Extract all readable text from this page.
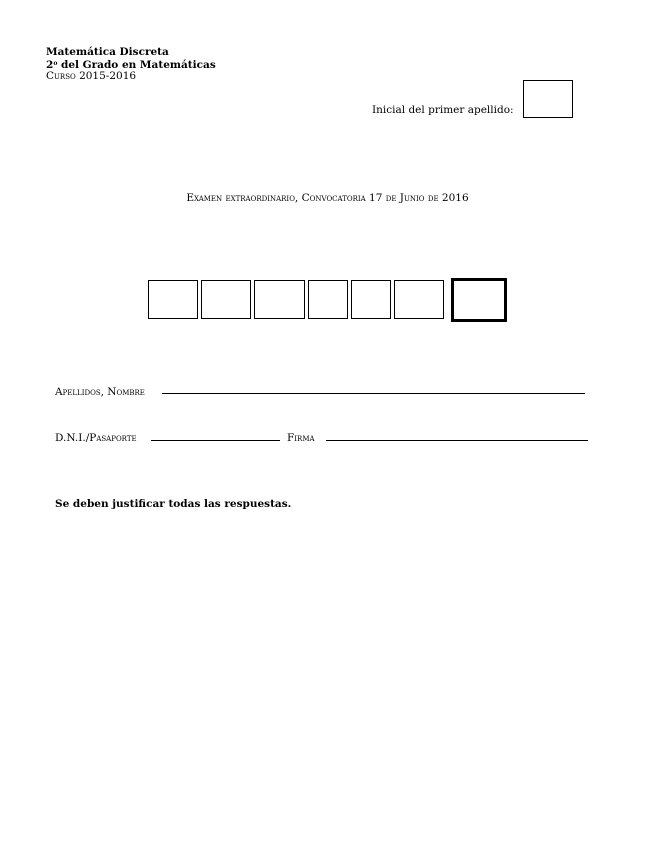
Matemática Discreta
2$^o$ del Grado en Matemáticas
Curso 2015-2016
Inicial del primer apellido:
Examen extraordinario, Convocatoria 17 de Junio de 2016
Apellidos, Nombre
D.N.I./Pasaporte	Firma
Se deben justificar todas las respuestas.
